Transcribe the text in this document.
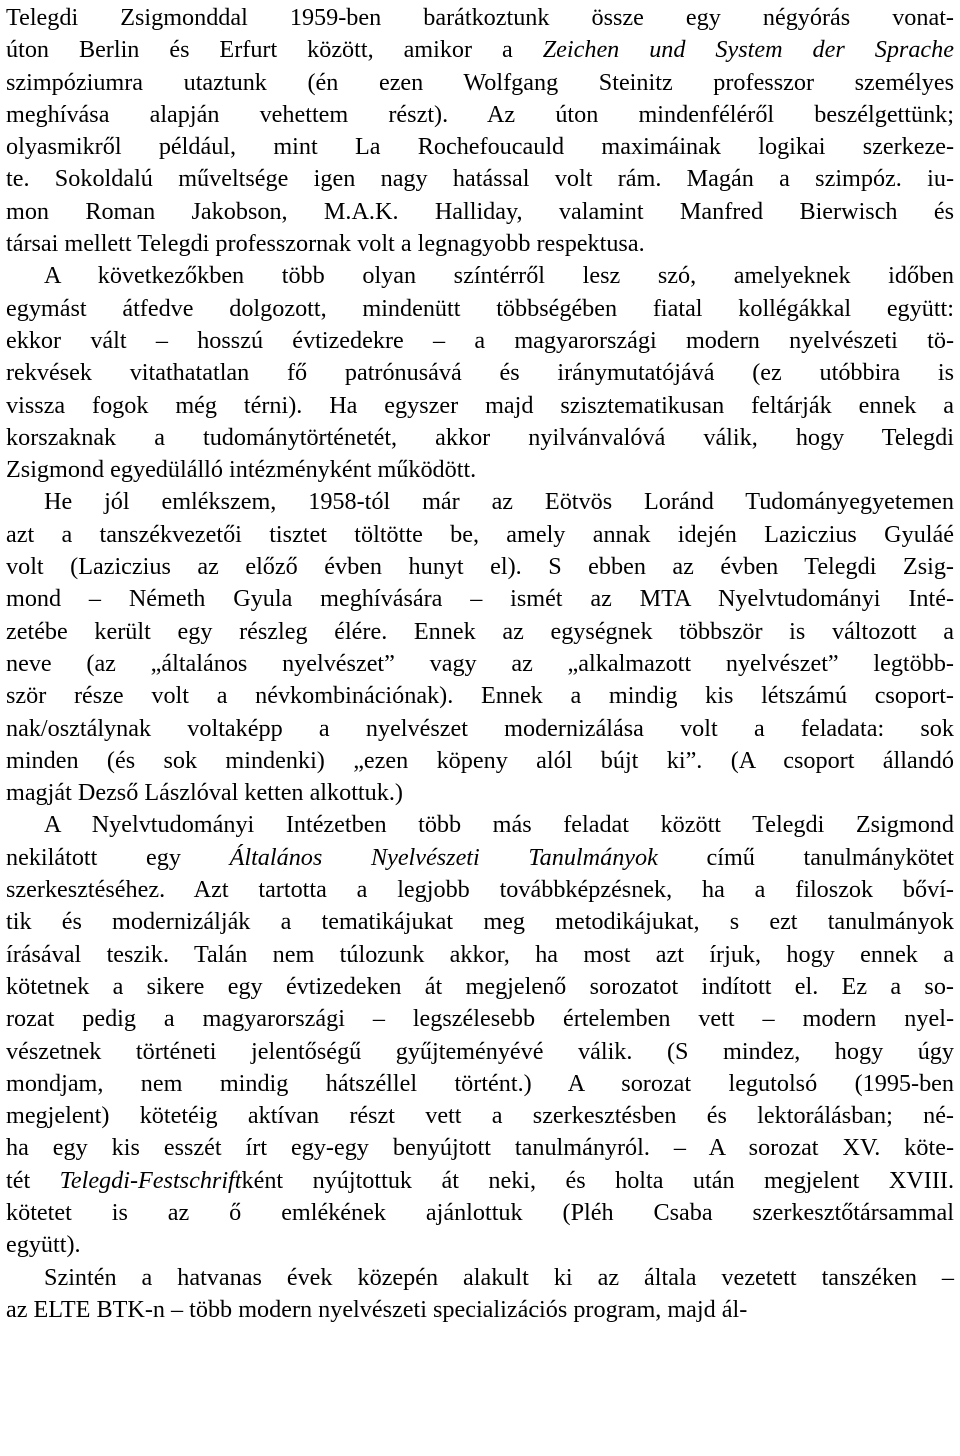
Telegdi Zsigmonddal 1959-ben barátkoztunk össze egy négyórás vonat-
úton Berlin és Erfurt között, amikor a Zeichen und System der Sprache
szimpóziumra utaztunk (én ezen Wolfgang Steinitz professzor személyes
meghívása alapján vehettem részt). Az úton mindenféléről beszélgettünk;
olyasmikről például, mint La Rochefoucauld maximáinak logikai szerkeze-
te. Sokoldalú műveltsége igen nagy hatással volt rám. Magán a szimpóz. iu-
mon Roman Jakobson, M.A.K. Halliday, valamint Manfred Bierwisch és
társai mellett Telegdi professzornak volt a legnagyobb respektusa.
A következőkben több olyan színtérről lesz szó, amelyeknek időben
egymást átfedve dolgozott, mindenütt többségében fiatal kollégákkal együtt:
ekkor vált – hosszú évtizedekre – a magyarországi modern nyelvészeti tö-
rekvések vitathatatlan fő patrónusává és iránymutatójává (ez utóbbira is
vissza fogok még térni). Ha egyszer majd szisztematikusan feltárják ennek a
korszaknak a tudománytörténetét, akkor nyilvánvalóvá válik, hogy Telegdi
Zsigmond egyedülálló intézményként működött.
He jól emlékszem, 1958-tól már az Eötvös Loránd Tudományegyetemen
azt a tanszékvezetői tisztet töltötte be, amely annak idején Laziczius Gyuláé
volt (Laziczius az előző évben hunyt el). S ebben az évben Telegdi Zsig-
mond – Németh Gyula meghívására – ismét az MTA Nyelvtudományi Inté-
zetébe került egy részleg élére. Ennek az egységnek többször is változott a
neve (az „általános nyelvészet” vagy az „alkalmazott nyelvészet” legtöbb-
ször része volt a névkombinációnak). Ennek a mindig kis létszámú csoport-
nak/osztálynak voltaképp a nyelvészet modernizálása volt a feladata: sok
minden (és sok mindenki) „ezen köpeny alól bújt ki”. (A csoport állandó
magját Dezső Lászlóval ketten alkottuk.)
A Nyelvtudományi Intézetben több más feladat között Telegdi Zsigmond
nekilátott egy Általános Nyelvészeti Tanulmányok című tanulmánykötet
szerkesztéséhez. Azt tartotta a legjobb továbbképzésnek, ha a filoszok bőví-
tik és modernizálják a tematikájukat meg metodikájukat, s ezt tanulmányok
írásával teszik. Talán nem túlozunk akkor, ha most azt írjuk, hogy ennek a
kötetnek a sikere egy évtizedeken át megjelenő sorozatot indított el. Ez a so-
rozat pedig a magyarországi – legszélesebb értelemben vett – modern nyel-
vészetnek történeti jelentőségű gyűjteményévé válik. (S mindez, hogy úgy
mondjam, nem mindig hátszéllel történt.) A sorozat legutolsó (1995-ben
megjelent) kötetéig aktívan részt vett a szerkesztésben és lektorálásban; né-
ha egy kis esszét írt egy-egy benyújtott tanulmányról. – A sorozat XV. köte-
tét Telegdi-Festschriftként nyújtottuk át neki, és holta után megjelent XVIII.
kötetet is az ő emlékének ajánlottuk (Pléh Csaba szerkesztőtársammal
együtt).
Szintén a hatvanas évek közepén alakult ki az általa vezetett tanszéken –
az ELTE BTK-n – több modern nyelvészeti specializációs program, majd ál-
